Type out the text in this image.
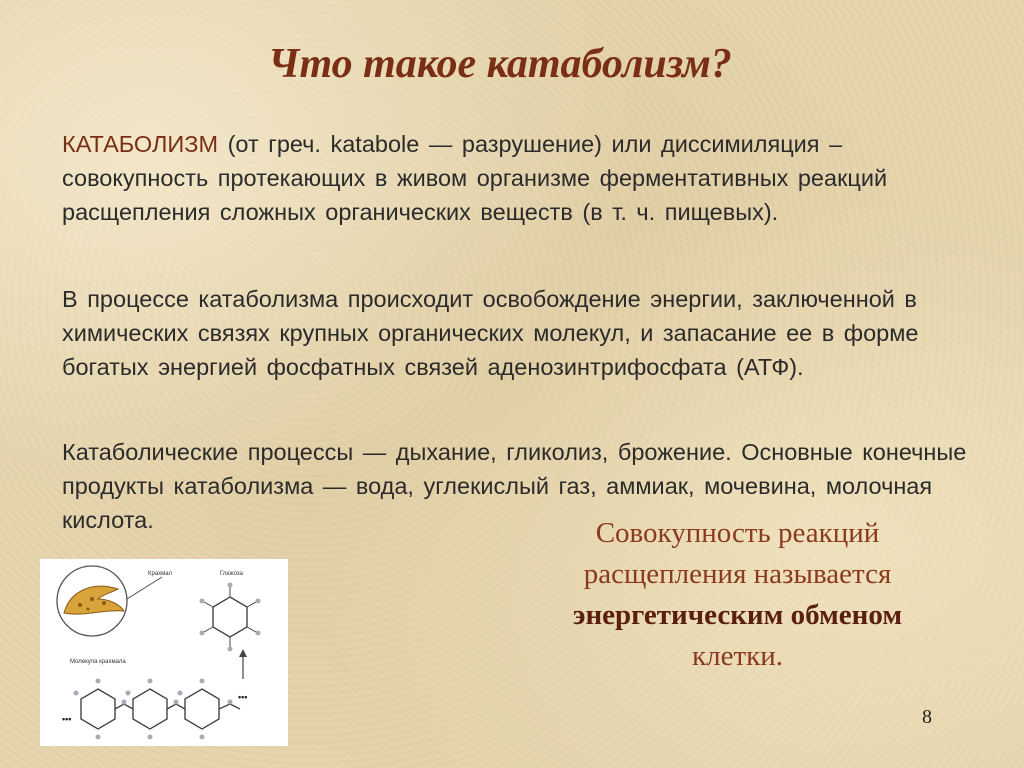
Что такое катаболизм?

КАТАБОЛИЗМ (от греч. katabole — разрушение) или диссимиляция – совокупность протекающих в живом организме ферментативных реакций расщепления сложных органических веществ (в т. ч. пищевых).

В процессе катаболизма происходит освобождение энергии, заключенной в химических связях крупных органических молекул, и запасание ее в форме богатых энергией фосфатных связей аденозинтрифосфата (АТФ).

Катаболические процессы — дыхание, гликолиз, брожение. Основные конечные продукты катаболизма — вода, углекислый газ, аммиак, мочевина, молочная кислота.	Совокупность реакций расщепления называется энергетическим обменом клетки.

Крахмал	Глюкоза
Молекула крахмала
•••
•••
8
